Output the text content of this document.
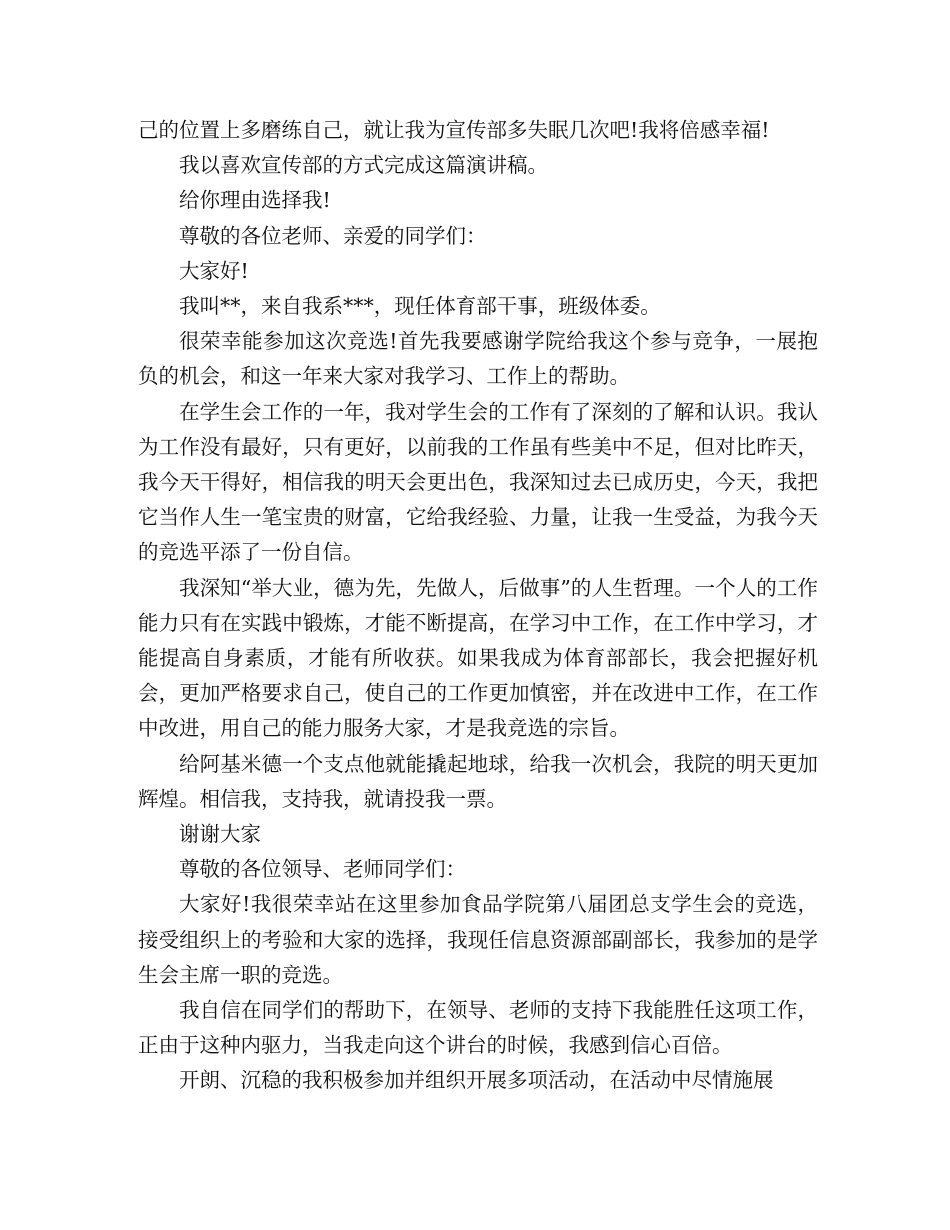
己的位置上多磨练自己，就让我为宣传部多失眠几次吧!我将倍感幸福!

我以喜欢宣传部的方式完成这篇演讲稿。

给你理由选择我!

尊敬的各位老师、亲爱的同学们：

大家好!

我叫**，来自我系***，现任体育部干事，班级体委。

很荣幸能参加这次竞选!首先我要感谢学院给我这个参与竞争，一展抱负的机会，和这一年来大家对我学习、工作上的帮助。

在学生会工作的一年，我对学生会的工作有了深刻的了解和认识。我认为工作没有最好，只有更好，以前我的工作虽有些美中不足，但对比昨天，我今天干得好，相信我的明天会更出色，我深知过去已成历史，今天，我把它当作人生一笔宝贵的财富，它给我经验、力量，让我一生受益，为我今天的竞选平添了一份自信。

我深知“举大业，德为先，先做人，后做事”的人生哲理。一个人的工作能力只有在实践中锻炼，才能不断提高，在学习中工作，在工作中学习，才能提高自身素质，才能有所收获。如果我成为体育部部长，我会把握好机会，更加严格要求自己，使自己的工作更加慎密，并在改进中工作，在工作中改进，用自己的能力服务大家，才是我竞选的宗旨。

给阿基米德一个支点他就能撬起地球，给我一次机会，我院的明天更加辉煌。相信我，支持我，就请投我一票。

谢谢大家

尊敬的各位领导、老师同学们：

大家好!我很荣幸站在这里参加食品学院第八届团总支学生会的竞选，接受组织上的考验和大家的选择，我现任信息资源部副部长，我参加的是学生会主席一职的竞选。

我自信在同学们的帮助下，在领导、老师的支持下我能胜任这项工作，正由于这种内驱力，当我走向这个讲台的时候，我感到信心百倍。

开朗、沉稳的我积极参加并组织开展多项活动，在活动中尽情施展
